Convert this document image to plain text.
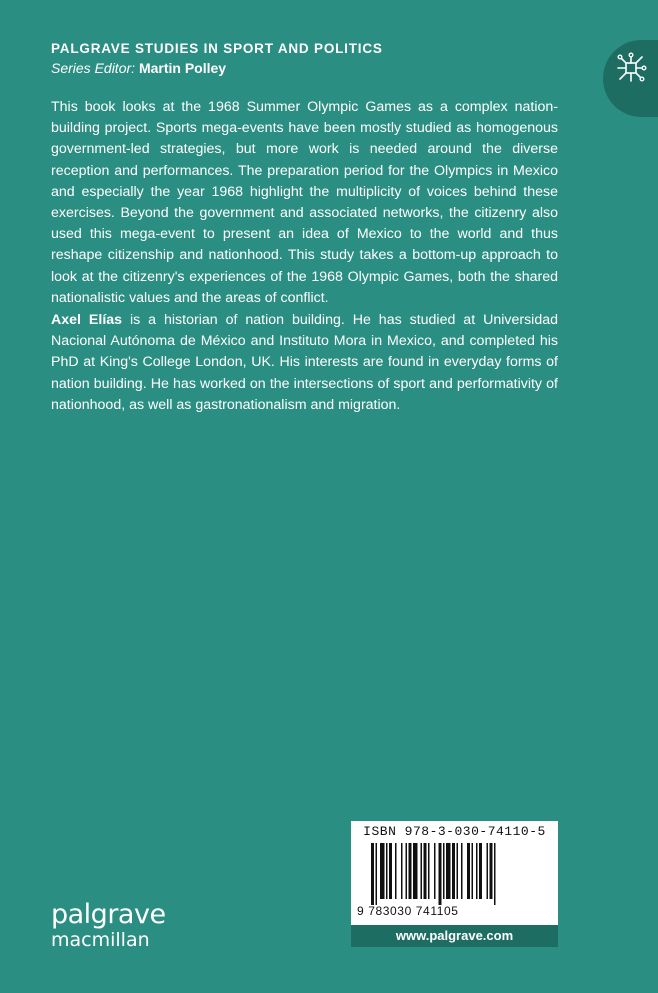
PALGRAVE STUDIES IN SPORT AND POLITICS
Series Editor: Martin Polley

This book looks at the 1968 Summer Olympic Games as a complex nation-building project. Sports mega-events have been mostly studied as homogenous government-led strategies, but more work is needed around the diverse reception and performances. The preparation period for the Olympics in Mexico and especially the year 1968 highlight the multiplicity of voices behind these exercises. Beyond the government and associated networks, the citizenry also used this mega-event to present an idea of Mexico to the world and thus reshape citizenship and nationhood. This study takes a bottom-up approach to look at the citizenry's experiences of the 1968 Olympic Games, both the shared nationalistic values and the areas of conflict.

Axel Elías is a historian of nation building. He has studied at Universidad Nacional Autónoma de México and Instituto Mora in Mexico, and completed his PhD at King's College London, UK. His interests are found in everyday forms of nation building. He has worked on the intersections of sport and performativity of nationhood, as well as gastronationalism and migration.

ISBN 978-3-030-74110-5
9 783030 741105
www.palgrave.com
palgrave
macmillan
